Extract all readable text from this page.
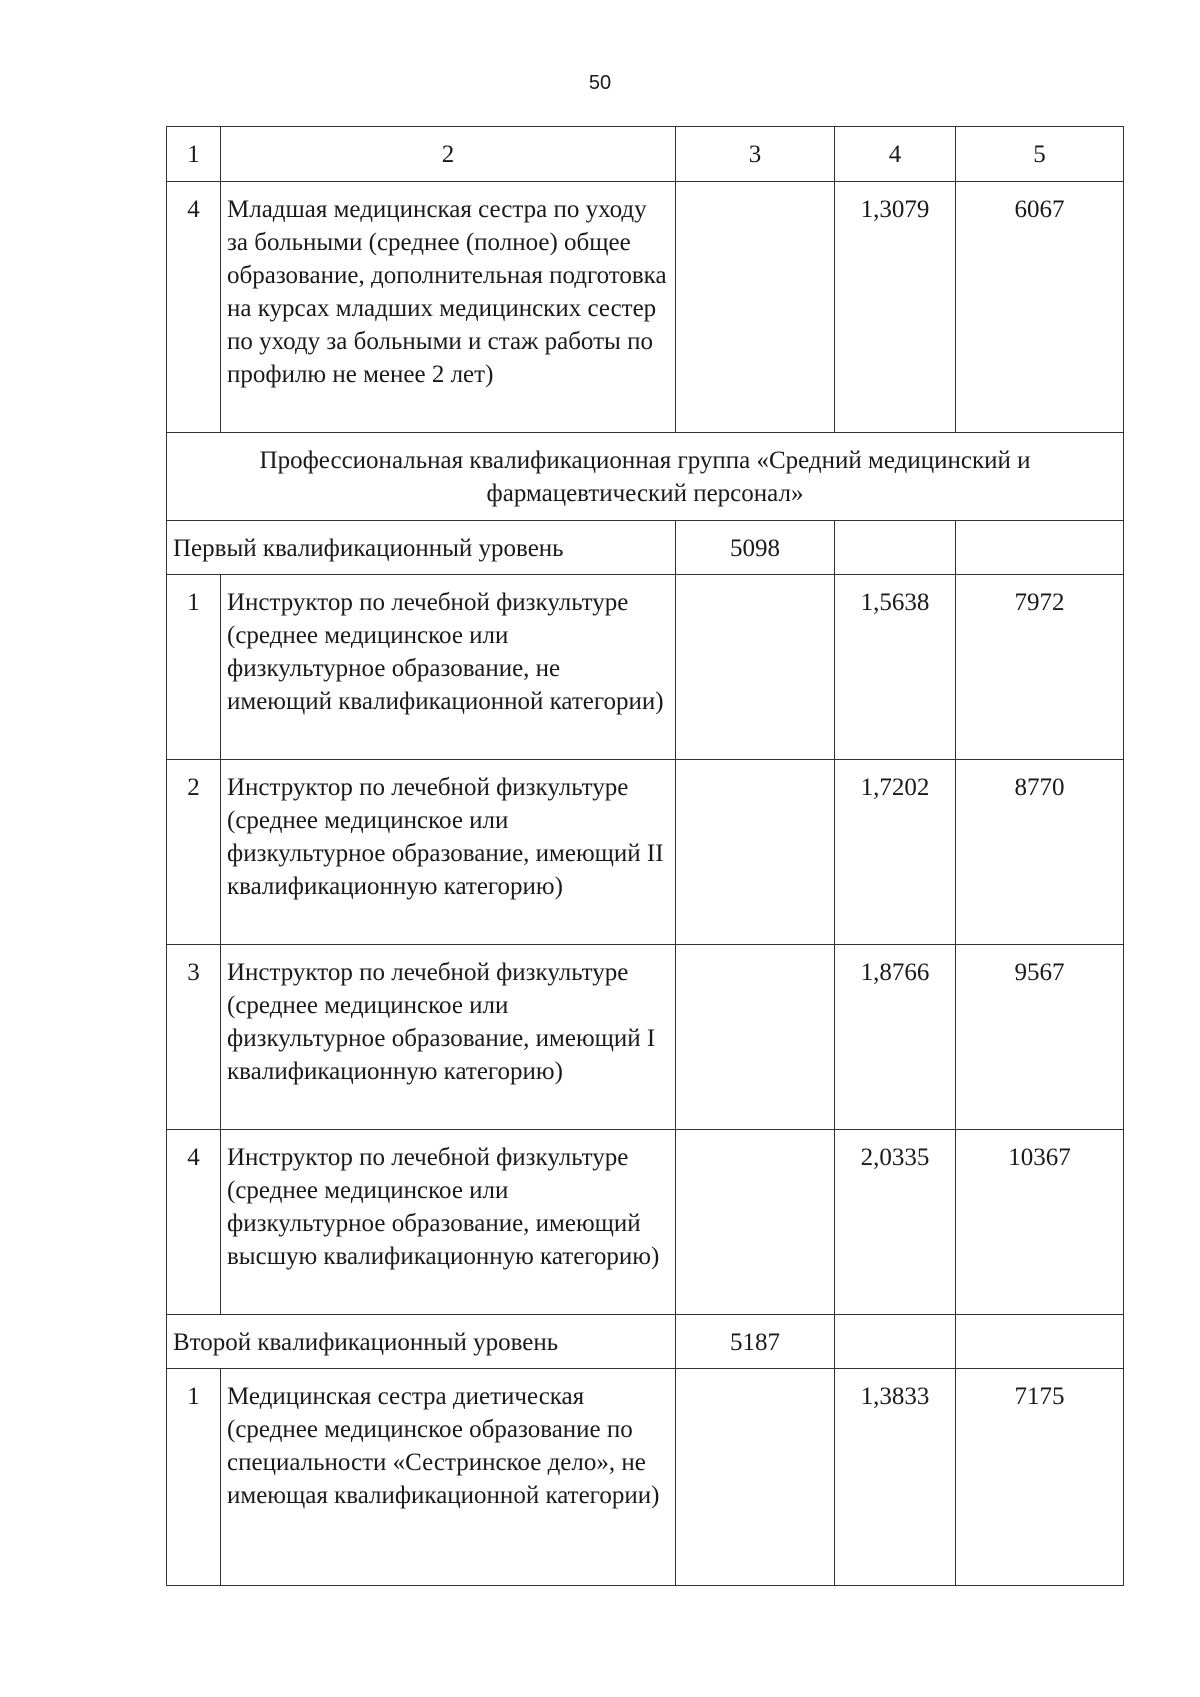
50
1	2	3	4	5
4	Младшая медицинская сестра по уходу за больными (среднее (полное) общее образование, дополнительная подготовка на курсах младших медицинских сестер по уходу за больными и стаж работы по профилю не менее 2 лет)		1,3079	6067
Профессиональная квалификационная группа «Средний медицинский и фармацевтический персонал»				
Первый квалификационный уровень		5098		
1	Инструктор по лечебной физкультуре (среднее медицинское или физкультурное образование, не имеющий квалификационной категории)		1,5638	7972
2	Инструктор по лечебной физкультуре (среднее медицинское или физкультурное образование, имеющий II квалификационную категорию)		1,7202	8770
3	Инструктор по лечебной физкультуре (среднее медицинское или физкультурное образование, имеющий I квалификационную категорию)		1,8766	9567
4	Инструктор по лечебной физкультуре (среднее медицинское или физкультурное образование, имеющий высшую квалификационную категорию)		2,0335	10367
Второй квалификационный уровень		5187		
1	Медицинская сестра диетическая (среднее медицинское образование по специальности «Сестринское дело», не имеющая квалификационной категории)		1,3833	7175
